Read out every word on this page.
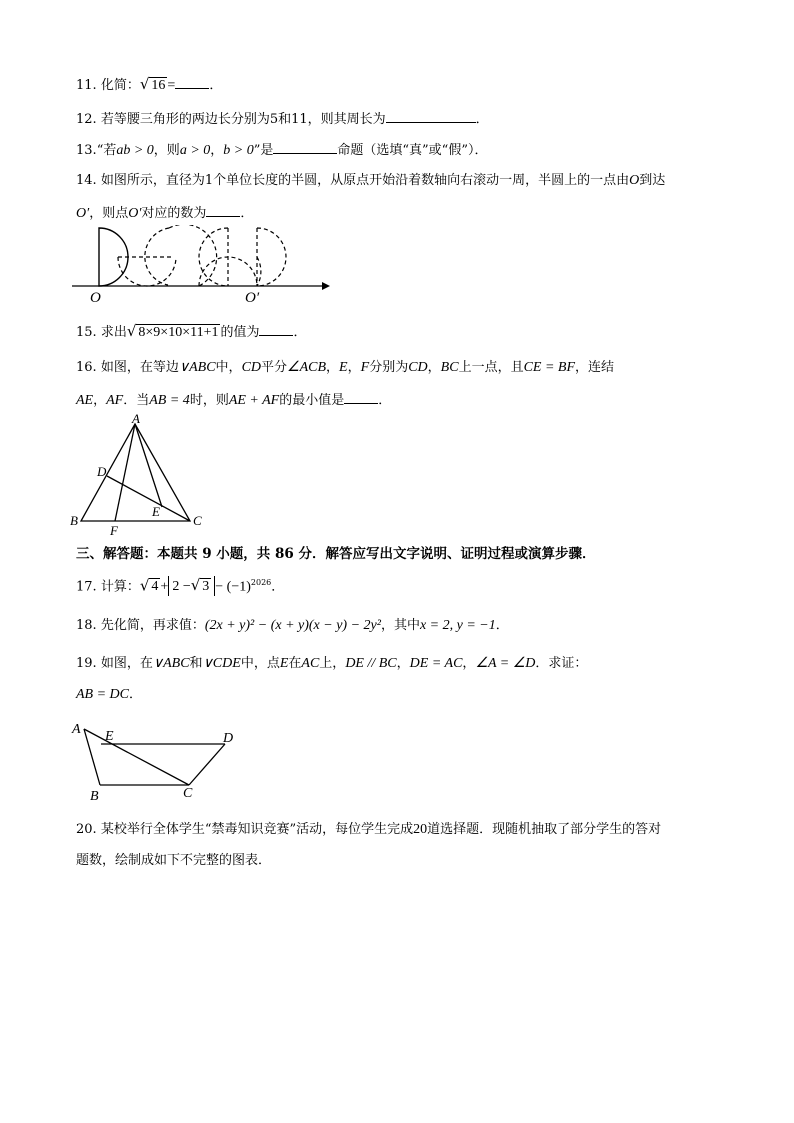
11. 化简：√ 16 =	．
12. 若等腰三角形的两边长分别为5和11，则其周长为	．
13.“若ab > 0，则a > 0，b > 0”是	命题（选填“真”或“假”）．
14. 如图所示，直径为1个单位长度的半圆，从原点开始沿着数轴向右滚动一周，半圆上的一点由O到达
O′，则点O′对应的数为	．
O	O′
15. 求出√ 8×9×10×11+1 的值为	．
16. 如图，在等边∨ABC中，CD平分∠ACB，E，F分别为CD，BC上一点，且CE = BF，连结
AE，AF．当AB = 4时，则AE + AF的最小值是	．
A
B	C
D
E
F
三、解答题：本题共 9 小题，共 86 分．解答应写出文字说明、证明过程或演算步骤．
17. 计算：√ 4 + 2 −√ $3 - (-1)^{2026}$．
18. 先化简，再求值：(2x + y)² − (x + y)(x − y) − 2y²，其中x = 2, y = −1．
19. 如图，在∨ABC和∨CDE中，点E在AC上，DE // BC，DE = AC，∠A = ∠D．求证：
AB = DC．
A E	D
B	C
20. 某校举行全体学生“禁毒知识竞赛”活动，每位学生完成20道选择题．现随机抽取了部分学生的答对
题数，绘制成如下不完整的图表．
